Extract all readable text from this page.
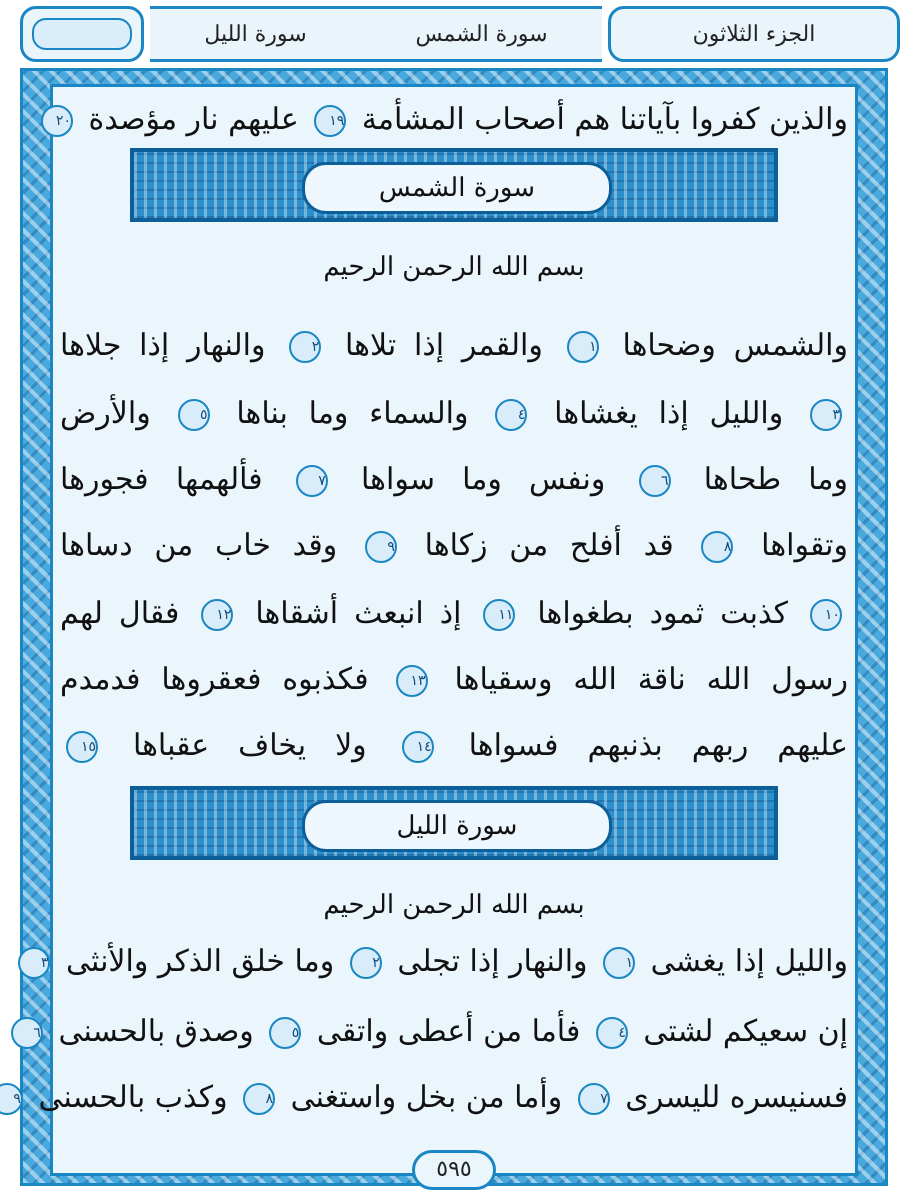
سورة الشمس
سورة الليل	الجزء الثلاثون
والذين كفروا بآياتنا هم أصحاب المشأمة ١٩ عليهم نار مؤصدة ٢٠
والشمس وضحاها ١ والقمر إذا تلاها ٢ والنهار إذا جلاها
٣ والليل إذا يغشاها ٤ والسماء وما بناها ٥ والأرض
وما طحاها ٦ ونفس وما سواها ٧ فألهمها فجورها
وتقواها ٨ قد أفلح من زكاها ٩ وقد خاب من دساها
١٠ كذبت ثمود بطغواها ١١ إذ انبعث أشقاها ١٢ فقال لهم
رسول الله ناقة الله وسقياها ١٣ فكذبوه فعقروها فدمدم
عليهم ربهم بذنبهم فسواها ١٤ ولا يخاف عقباها ١٥
والليل إذا يغشى ١ والنهار إذا تجلى ٢ وما خلق الذكر والأنثى ٣
إن سعيكم لشتى ٤ فأما من أعطى واتقى ٥ وصدق بالحسنى ٦
فسنيسره لليسرى ٧ وأما من بخل واستغنى ٨ وكذب بالحسنى ٩
سورة الشمس
بسم الله الرحمن الرحيم
سورة الليل
بسم الله الرحمن الرحيم
٥٩٥
